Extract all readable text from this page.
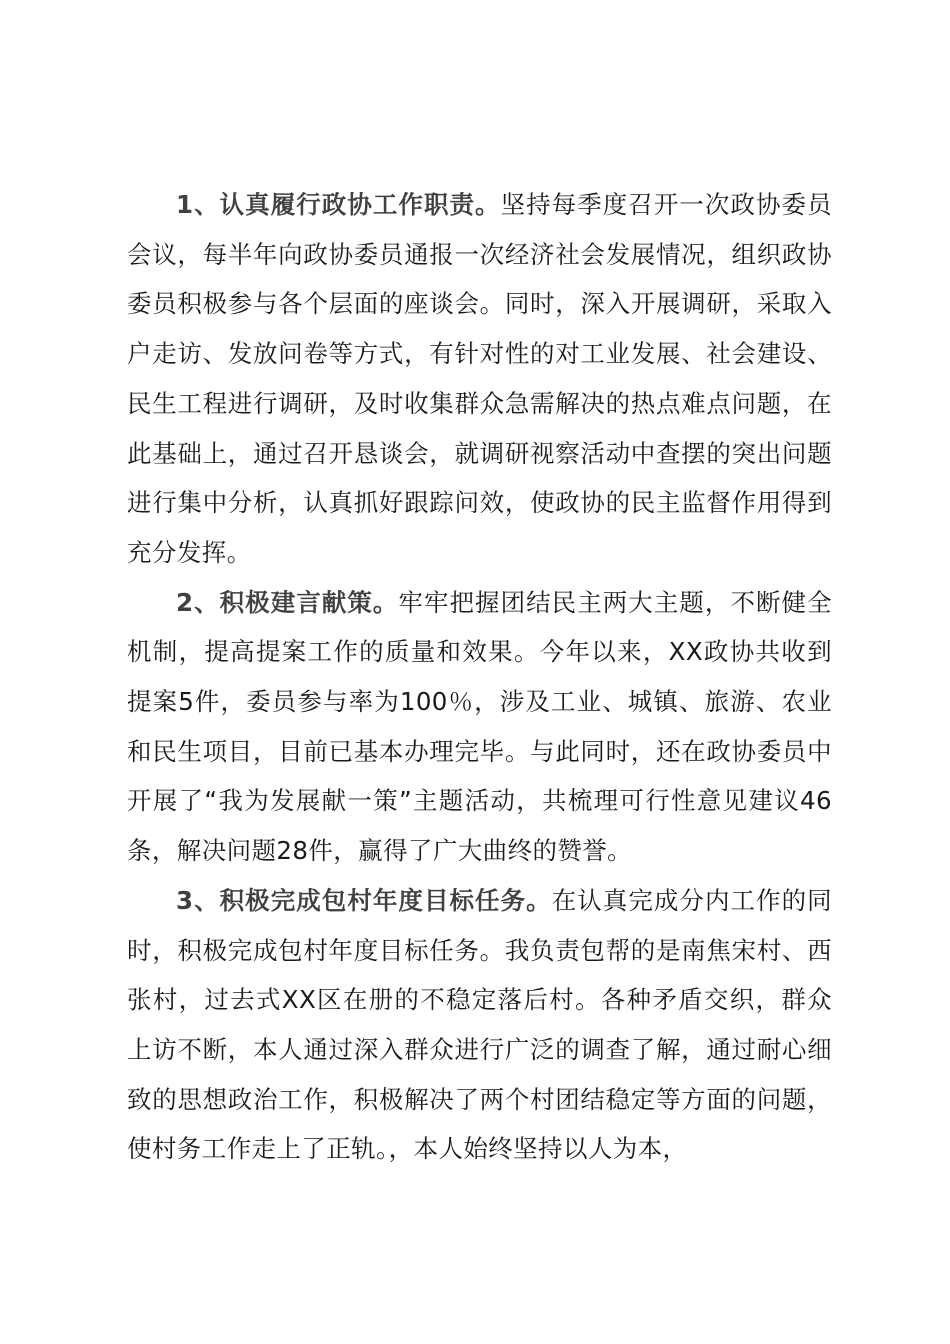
1、认真履行政协工作职责。坚持每季度召开一次政协委员会议，每半年向政协委员通报一次经济社会发展情况，组织政协委员积极参与各个层面的座谈会。同时，深入开展调研，采取入户走访、发放问卷等方式，有针对性的对工业发展、社会建设、民生工程进行调研，及时收集群众急需解决的热点难点问题，在此基础上，通过召开恳谈会，就调研视察活动中查摆的突出问题进行集中分析，认真抓好跟踪问效，使政协的民主监督作用得到充分发挥。

2、积极建言献策。牢牢把握团结民主两大主题，不断健全机制，提高提案工作的质量和效果。今年以来，XX政协共收到提案5件，委员参与率为100％，涉及工业、城镇、旅游、农业和民生项目，目前已基本办理完毕。与此同时，还在政协委员中开展了“我为发展献一策”主题活动，共梳理可行性意见建议46条，解决问题28件，赢得了广大曲终的赞誉。

3、积极完成包村年度目标任务。在认真完成分内工作的同时，积极完成包村年度目标任务。我负责包帮的是南焦宋村、西张村，过去式XX区在册的不稳定落后村。各种矛盾交织，群众上访不断，本人通过深入群众进行广泛的调查了解，通过耐心细致的思想政治工作，积极解决了两个村团结稳定等方面的问题，使村务工作走上了正轨。，本人始终坚持以人为本，
